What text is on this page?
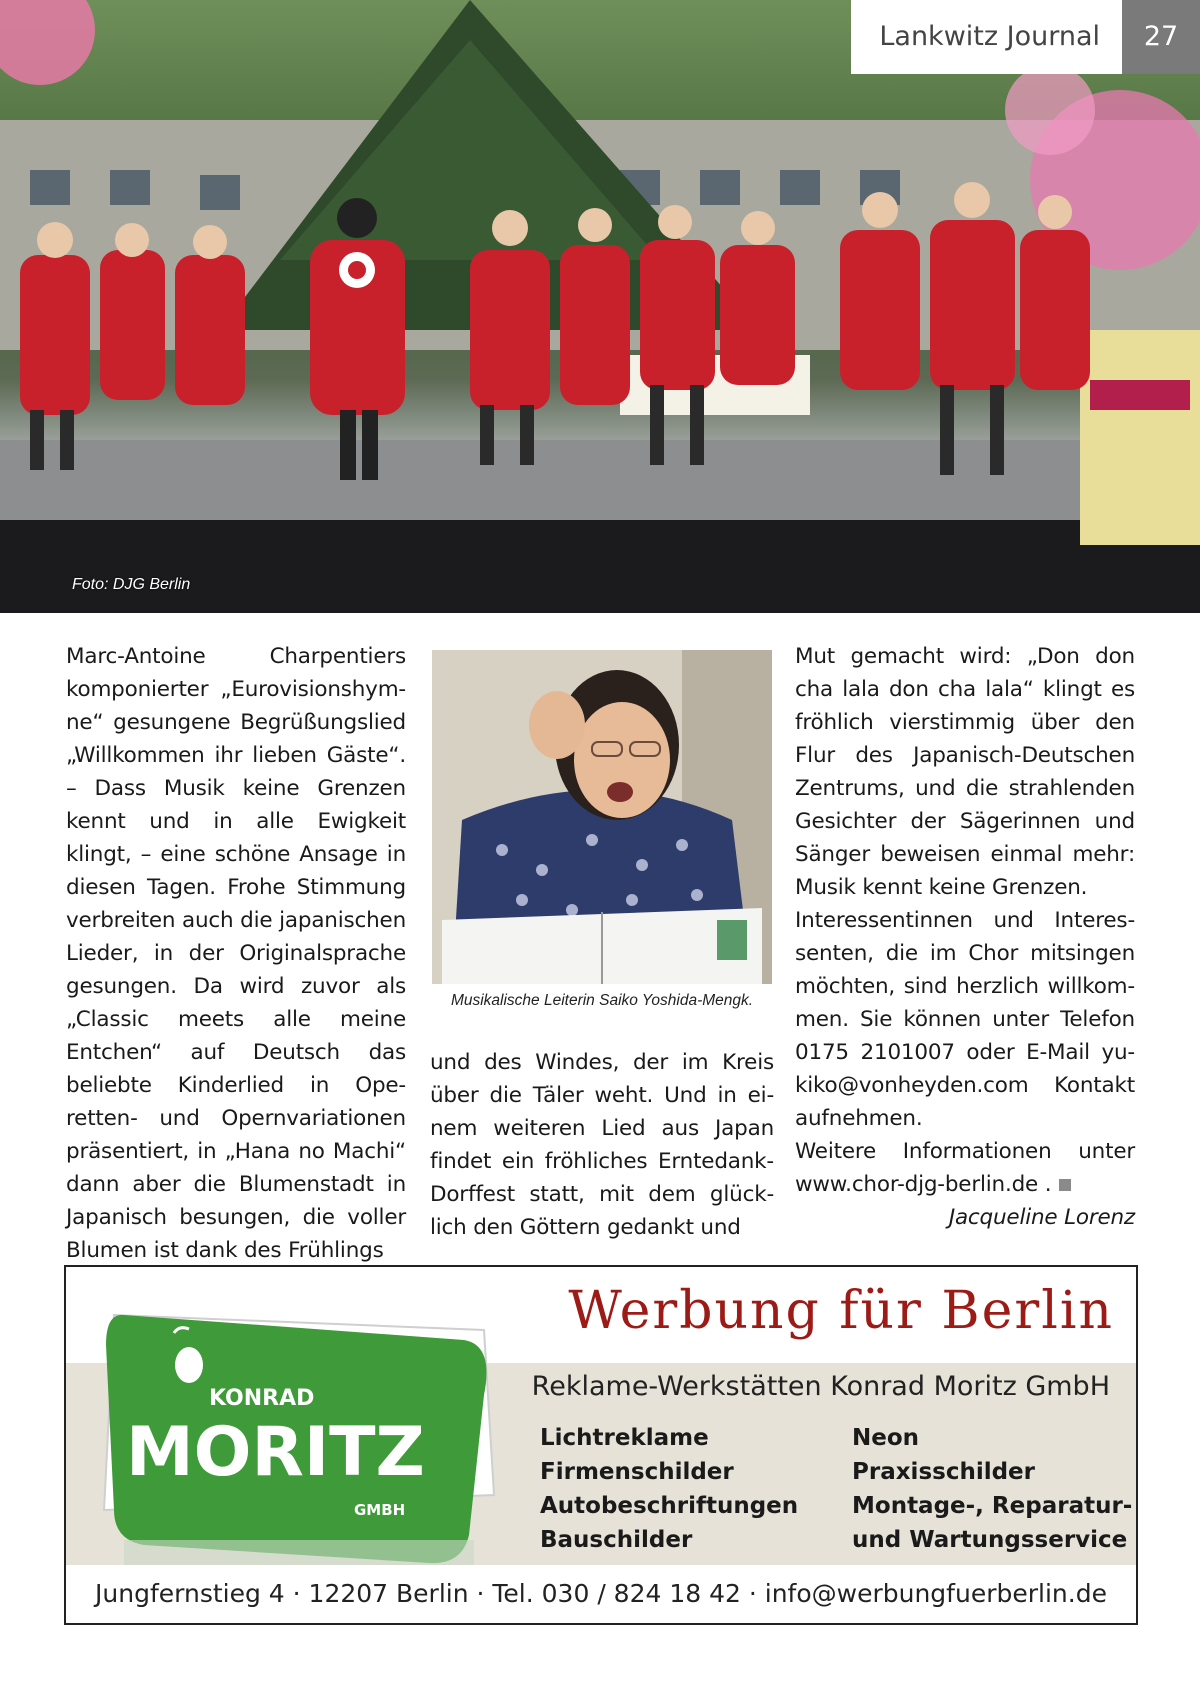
Lankwitz Journal	27
Foto: DJG Berlin

Marc-Antoine Charpentiers komponierter „Eurovisionshym-ne“ gesungene Begrüßungslied „Willkommen ihr lieben Gäste“. – Dass Musik keine Grenzen kennt und in alle Ewigkeit klingt, – eine schöne Ansage in diesen Tagen. Frohe Stimmung verbreiten auch die japanischen Lieder, in der Originalsprache gesungen. Da wird zuvor als „Classic meets alle meine Entchen“ auf Deutsch das beliebte Kinderlied in Ope-retten- und Opernvariationen präsentiert, in „Hana no Machi“ dann aber die Blumenstadt in Japanisch besungen, die voller Blumen ist dank des Frühlings

Musikalische Leiterin Saiko Yoshida-Mengk.

und des Windes, der im Kreis über die Täler weht. Und in ei-nem weiteren Lied aus Japan findet ein fröhliches Erntedank-Dorffest statt, mit dem glück-lich den Göttern gedankt und

Mut gemacht wird: „Don don cha lala don cha lala“ klingt es fröhlich vierstimmig über den Flur des Japanisch-Deutschen Zentrums, und die strahlenden Gesichter der Sägerinnen und Sänger beweisen einmal mehr: Musik kennt keine Grenzen.

Interessentinnen und Interes-senten, die im Chor mitsingen möchten, sind herzlich willkom-men. Sie können unter Telefon 0175 2101007 oder E-Mail yu-kiko@vonheyden.com Kontakt aufnehmen.

Weitere Informationen unter www.chor-djg-berlin.de .

Jacqueline Lorenz

KONRAD
MORITZ
GMBH
Werbung für Berlin
Reklame-Werkstätten Konrad Moritz GmbH
Lichtreklame
Firmenschilder
Autobeschriftungen
Bauschilder
Neon
Praxisschilder
Montage-, Reparatur-
und Wartungsservice
Jungfernstieg 4 · 12207 Berlin · Tel. 030 / 824 18 42 · info@werbungfuerberlin.de
